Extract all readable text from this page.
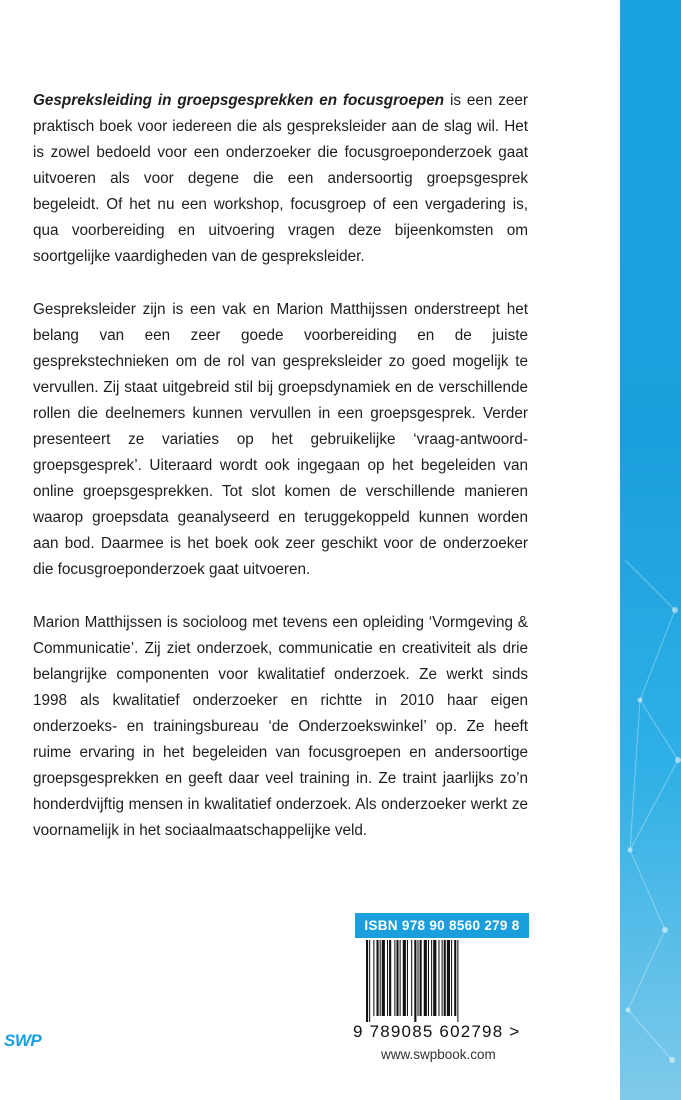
Gespreksleiding in groepsgesprekken en focusgroepen is een zeer praktisch boek voor iedereen die als gespreksleider aan de slag wil. Het is zowel bedoeld voor een onderzoeker die focusgroeponderzoek gaat uitvoeren als voor degene die een andersoortig groepsgesprek begeleidt. Of het nu een workshop, focusgroep of een vergadering is, qua voorbereiding en uitvoering vragen deze bijeenkomsten om soortgelijke vaardigheden van de gespreksleider.

Gespreksleider zijn is een vak en Marion Matthijssen onderstreept het belang van een zeer goede voorbereiding en de juiste gesprekstechnieken om de rol van gespreksleider zo goed mogelijk te vervullen. Zij staat uitgebreid stil bij groepsdynamiek en de verschillende rollen die deelnemers kunnen vervullen in een groepsgesprek. Verder presenteert ze variaties op het gebruikelijke ‘vraag-antwoord-groepsgesprek’. Uiteraard wordt ook ingegaan op het begeleiden van online groepsgesprekken. Tot slot komen de verschillende manieren waarop groepsdata geanalyseerd en teruggekoppeld kunnen worden aan bod. Daarmee is het boek ook zeer geschikt voor de onderzoeker die focusgroeponderzoek gaat uitvoeren.

Marion Matthijssen is socioloog met tevens een opleiding ‘Vormgeving & Communicatie’. Zij ziet onderzoek, communicatie en creativiteit als drie belangrijke componenten voor kwalitatief onderzoek. Ze werkt sinds 1998 als kwalitatief onderzoeker en richtte in 2010 haar eigen onderzoeks- en trainingsbureau ‘de Onderzoekswinkel’ op. Ze heeft ruime ervaring in het begeleiden van focusgroepen en andersoortige groepsgesprekken en geeft daar veel training in. Ze traint jaarlijks zo’n honderdvijftig mensen in kwalitatief onderzoek. Als onderzoeker werkt ze voornamelijk in het sociaalmaatschappelijke veld.

ISBN 978 90 8560 279 8
9 789085 602798 >
www.swpbook.com
SWP
